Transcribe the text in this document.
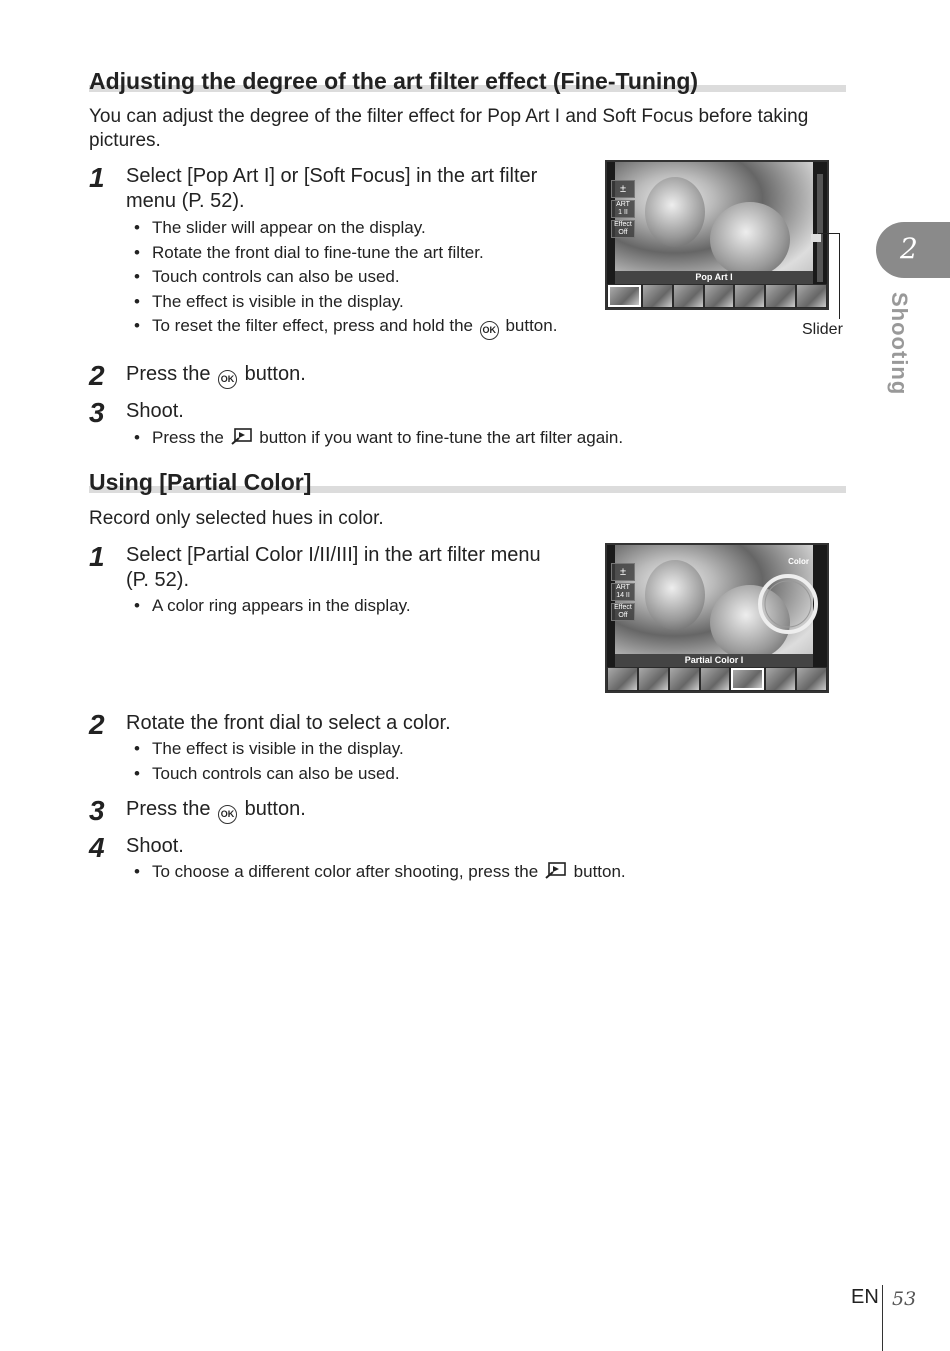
Adjusting the degree of the art filter effect (Fine-Tuning)
You can adjust the degree of the filter effect for Pop Art I and Soft Focus before taking
pictures.
1 Select [Pop Art I] or [Soft Focus] in the art filter
menu (P. 52).
• The slider will appear on the display.
• Rotate the front dial to fine-tune the art filter.
• Touch controls can also be used.
• The effect is visible in the display.
• To reset the filter effect, press and hold the OK button.
±
ART
1 II
Effect
Off
Pop Art I
Slider
2 Press the OK button.
3 Shoot.
• Press the button if you want to fine-tune the art filter again.
Using [Partial Color]
Record only selected hues in color.
1 Select [Partial Color I/II/III] in the art filter menu
(P. 52).
• A color ring appears in the display.
±
ART
14 II
Effect
Off
Color
Partial Color I
2 Rotate the front dial to select a color.
• The effect is visible in the display.
• Touch controls can also be used.
3 Press the OK button.
4 Shoot.
• To choose a different color after shooting, press the button.
2
Shooting
EN 53
